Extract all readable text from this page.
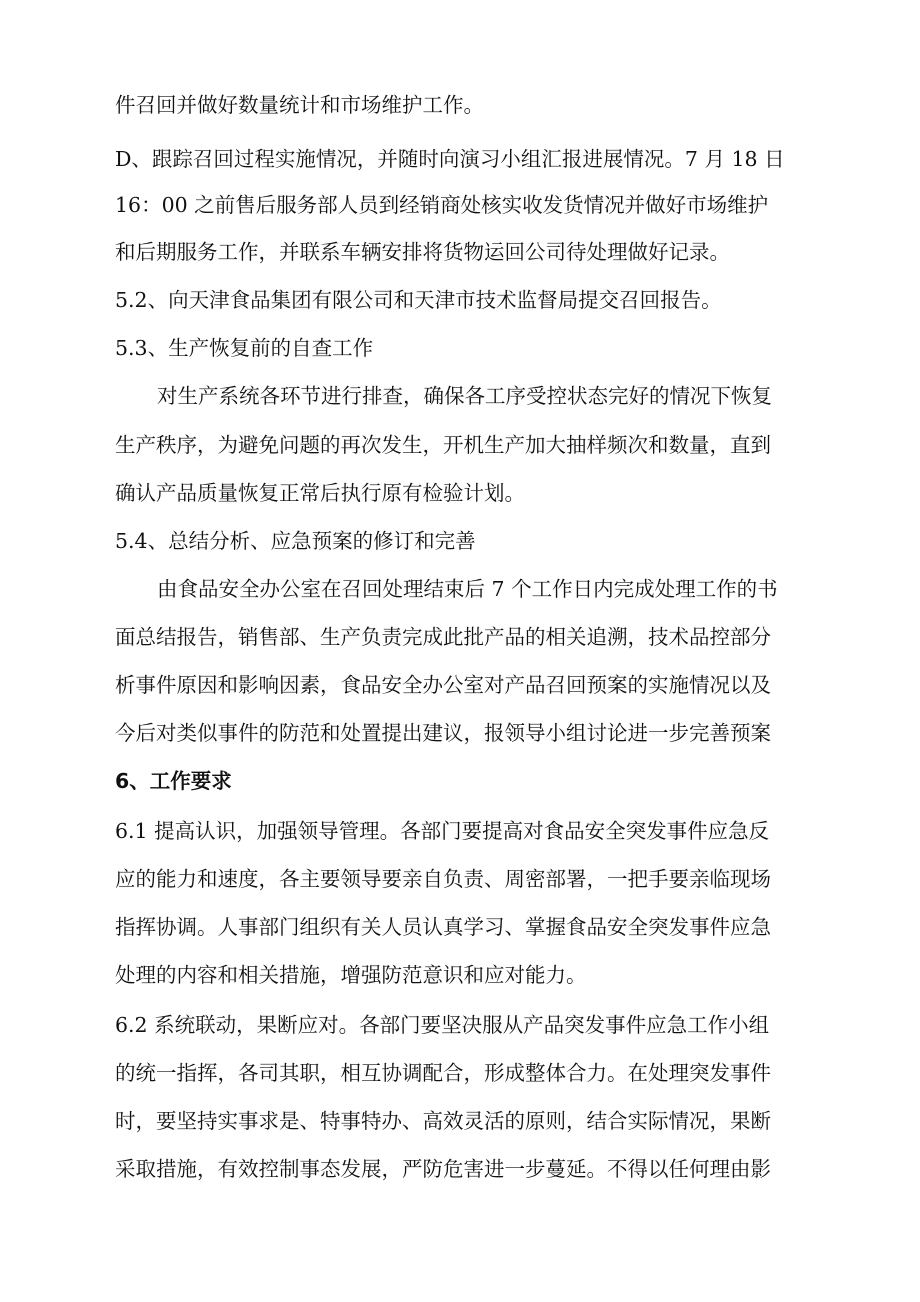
件召回并做好数量统计和市场维护工作。
D、跟踪召回过程实施情况，并随时向演习小组汇报进展情况。7 月 18 日
16：00 之前售后服务部人员到经销商处核实收发货情况并做好市场维护
和后期服务工作，并联系车辆安排将货物运回公司待处理做好记录。
5.2、向天津食品集团有限公司和天津市技术监督局提交召回报告。
5.3、生产恢复前的自查工作
对生产系统各环节进行排查，确保各工序受控状态完好的情况下恢复
生产秩序，为避免问题的再次发生，开机生产加大抽样频次和数量，直到
确认产品质量恢复正常后执行原有检验计划。
5.4、总结分析、应急预案的修订和完善
由食品安全办公室在召回处理结束后 7 个工作日内完成处理工作的书
面总结报告，销售部、生产负责完成此批产品的相关追溯，技术品控部分
析事件原因和影响因素，食品安全办公室对产品召回预案的实施情况以及
今后对类似事件的防范和处置提出建议，报领导小组讨论进一步完善预案
6、工作要求
6.1 提高认识，加强领导管理。各部门要提高对食品安全突发事件应急反
应的能力和速度，各主要领导要亲自负责、周密部署，一把手要亲临现场
指挥协调。人事部门组织有关人员认真学习、掌握食品安全突发事件应急
处理的内容和相关措施，增强防范意识和应对能力。
6.2 系统联动，果断应对。各部门要坚决服从产品突发事件应急工作小组
的统一指挥，各司其职，相互协调配合，形成整体合力。在处理突发事件
时，要坚持实事求是、特事特办、高效灵活的原则，结合实际情况，果断
采取措施，有效控制事态发展，严防危害进一步蔓延。不得以任何理由影
